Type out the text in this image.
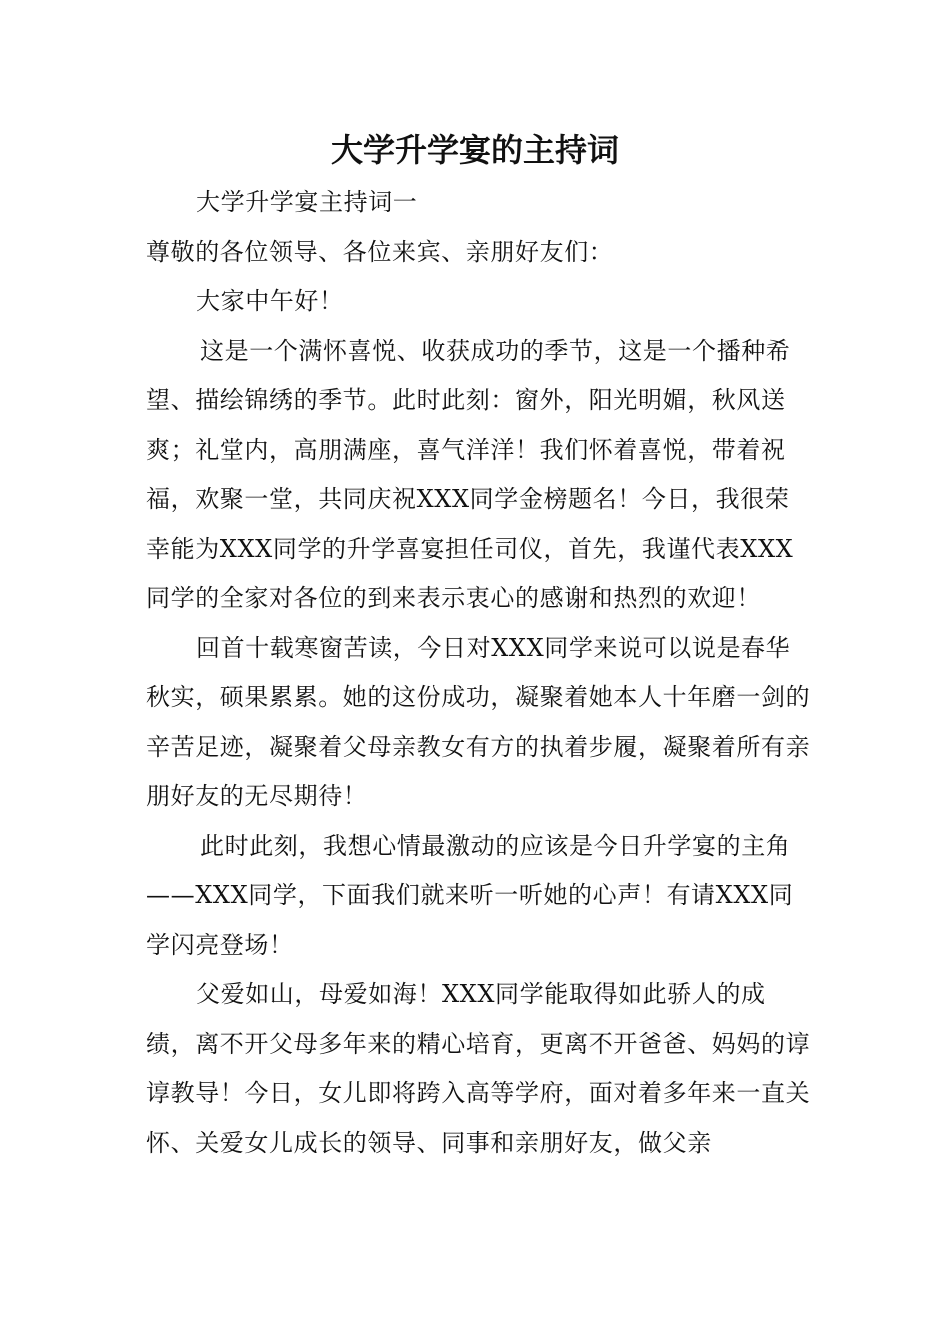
大学升学宴的主持词

大学升学宴主持词一

尊敬的各位领导、各位来宾、亲朋好友们：

大家中午好！

这是一个满怀喜悦、收获成功的季节，这是一个播种希望、描绘锦绣的季节。此时此刻：窗外，阳光明媚，秋风送爽；礼堂内，高朋满座，喜气洋洋！我们怀着喜悦，带着祝福，欢聚一堂，共同庆祝XXX同学金榜题名！今日，我很荣幸能为XXX同学的升学喜宴担任司仪，首先，我谨代表XXX同学的全家对各位的到来表示衷心的感谢和热烈的欢迎！

回首十载寒窗苦读，今日对XXX同学来说可以说是春华秋实，硕果累累。她的这份成功，凝聚着她本人十年磨一剑的辛苦足迹，凝聚着父母亲教女有方的执着步履，凝聚着所有亲朋好友的无尽期待！

此时此刻，我想心情最激动的应该是今日升学宴的主角——XXX同学，下面我们就来听一听她的心声！有请XXX同学闪亮登场！

父爱如山，母爱如海！XXX同学能取得如此骄人的成绩，离不开父母多年来的精心培育，更离不开爸爸、妈妈的谆谆教导！今日，女儿即将跨入高等学府，面对着多年来一直关怀、关爱女儿成长的领导、同事和亲朋好友，做父亲
